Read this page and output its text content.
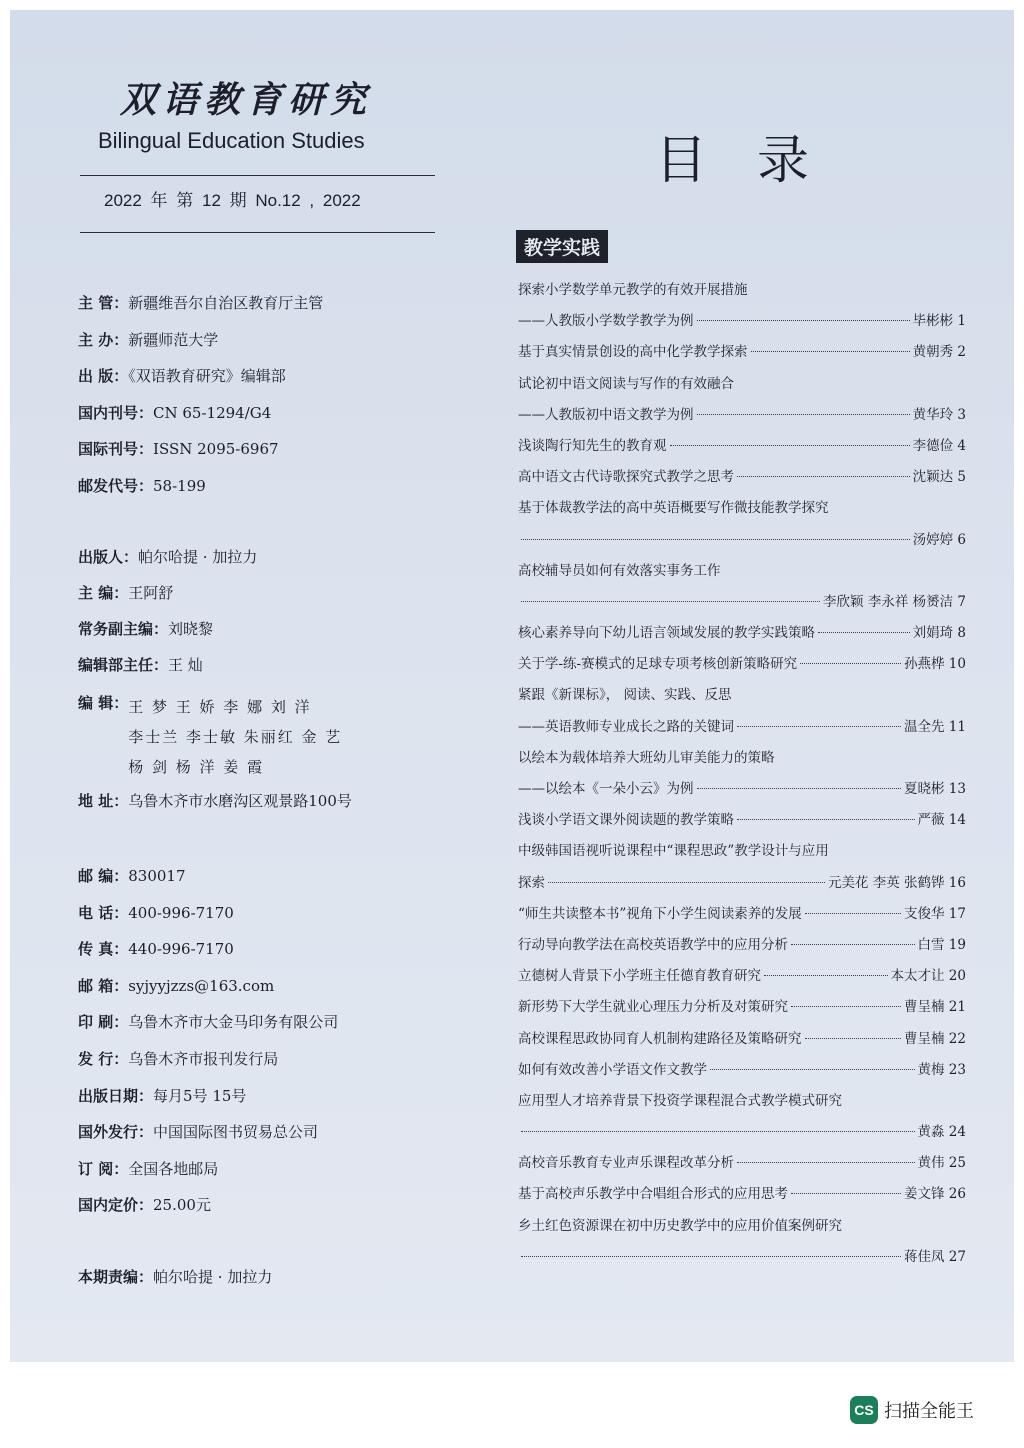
双语教育研究
Bilingual Education Studies
2022 年 第 12 期 No.12 , 2022
主 管：新疆维吾尔自治区教育厅主管
主 办：新疆师范大学
出 版：《双语教育研究》编辑部
国内刊号：CN 65-1294/G4
国际刊号：ISSN 2095-6967
邮发代号：58-199
出版人：帕尔哈提 · 加拉力
主 编：王阿舒
常务副主编：刘晓黎
编辑部主任：王 灿
编 辑： 王 梦 王 娇 李 娜 刘 洋
李士兰 李士敏 朱丽红 金 艺
杨 剑 杨 洋 姜 霞
地 址：乌鲁木齐市水磨沟区观景路100号
邮 编：830017
电 话：400-996-7170
传 真：440-996-7170
邮 箱：syjyyjzzs@163.com
印 刷：乌鲁木齐市大金马印务有限公司
发 行：乌鲁木齐市报刊发行局
出版日期：每月5号 15号
国外发行：中国国际图书贸易总公司
订 阅：全国各地邮局
国内定价：25.00元
本期责编：帕尔哈提 · 加拉力
目录
教学实践
探索小学数学单元教学的有效开展措施
——人教版小学数学教学为例	毕彬彬 1
基于真实情景创设的高中化学教学探索	黄朝秀 2
试论初中语文阅读与写作的有效融合
——人教版初中语文教学为例	黄华玲 3
浅谈陶行知先生的教育观	李德俭 4
高中语文古代诗歌探究式教学之思考	沈颖达 5
基于体裁教学法的高中英语概要写作微技能教学探究
汤婷婷 6
高校辅导员如何有效落实事务工作
李欣颖 李永祥 杨赟洁 7
核心素养导向下幼儿语言领域发展的教学实践策略	刘娟琦 8
关于学-练-赛模式的足球专项考核创新策略研究	孙燕桦 10
紧跟《新课标》， 阅读、实践、反思
——英语教师专业成长之路的关键词	温全先 11
以绘本为载体培养大班幼儿审美能力的策略
——以绘本《一朵小云》为例	夏晓彬 13
浅谈小学语文课外阅读题的教学策略	严薇 14
中级韩国语视听说课程中“课程思政”教学设计与应用
探索	元美花 李英 张鹤铧 16
“师生共读整本书”视角下小学生阅读素养的发展	支俊华 17
行动导向教学法在高校英语教学中的应用分析	白雪 19
立德树人背景下小学班主任德育教育研究	本太才让 20
新形势下大学生就业心理压力分析及对策研究	曹呈楠 21
高校课程思政协同育人机制构建路径及策略研究	曹呈楠 22
如何有效改善小学语文作文教学	黄梅 23
应用型人才培养背景下投资学课程混合式教学模式研究
黄淼 24
高校音乐教育专业声乐课程改革分析	黄伟 25
基于高校声乐教学中合唱组合形式的应用思考	姜文锋 26
乡土红色资源课在初中历史教学中的应用价值案例研究
蒋佳凤 27
CS 扫描全能王
